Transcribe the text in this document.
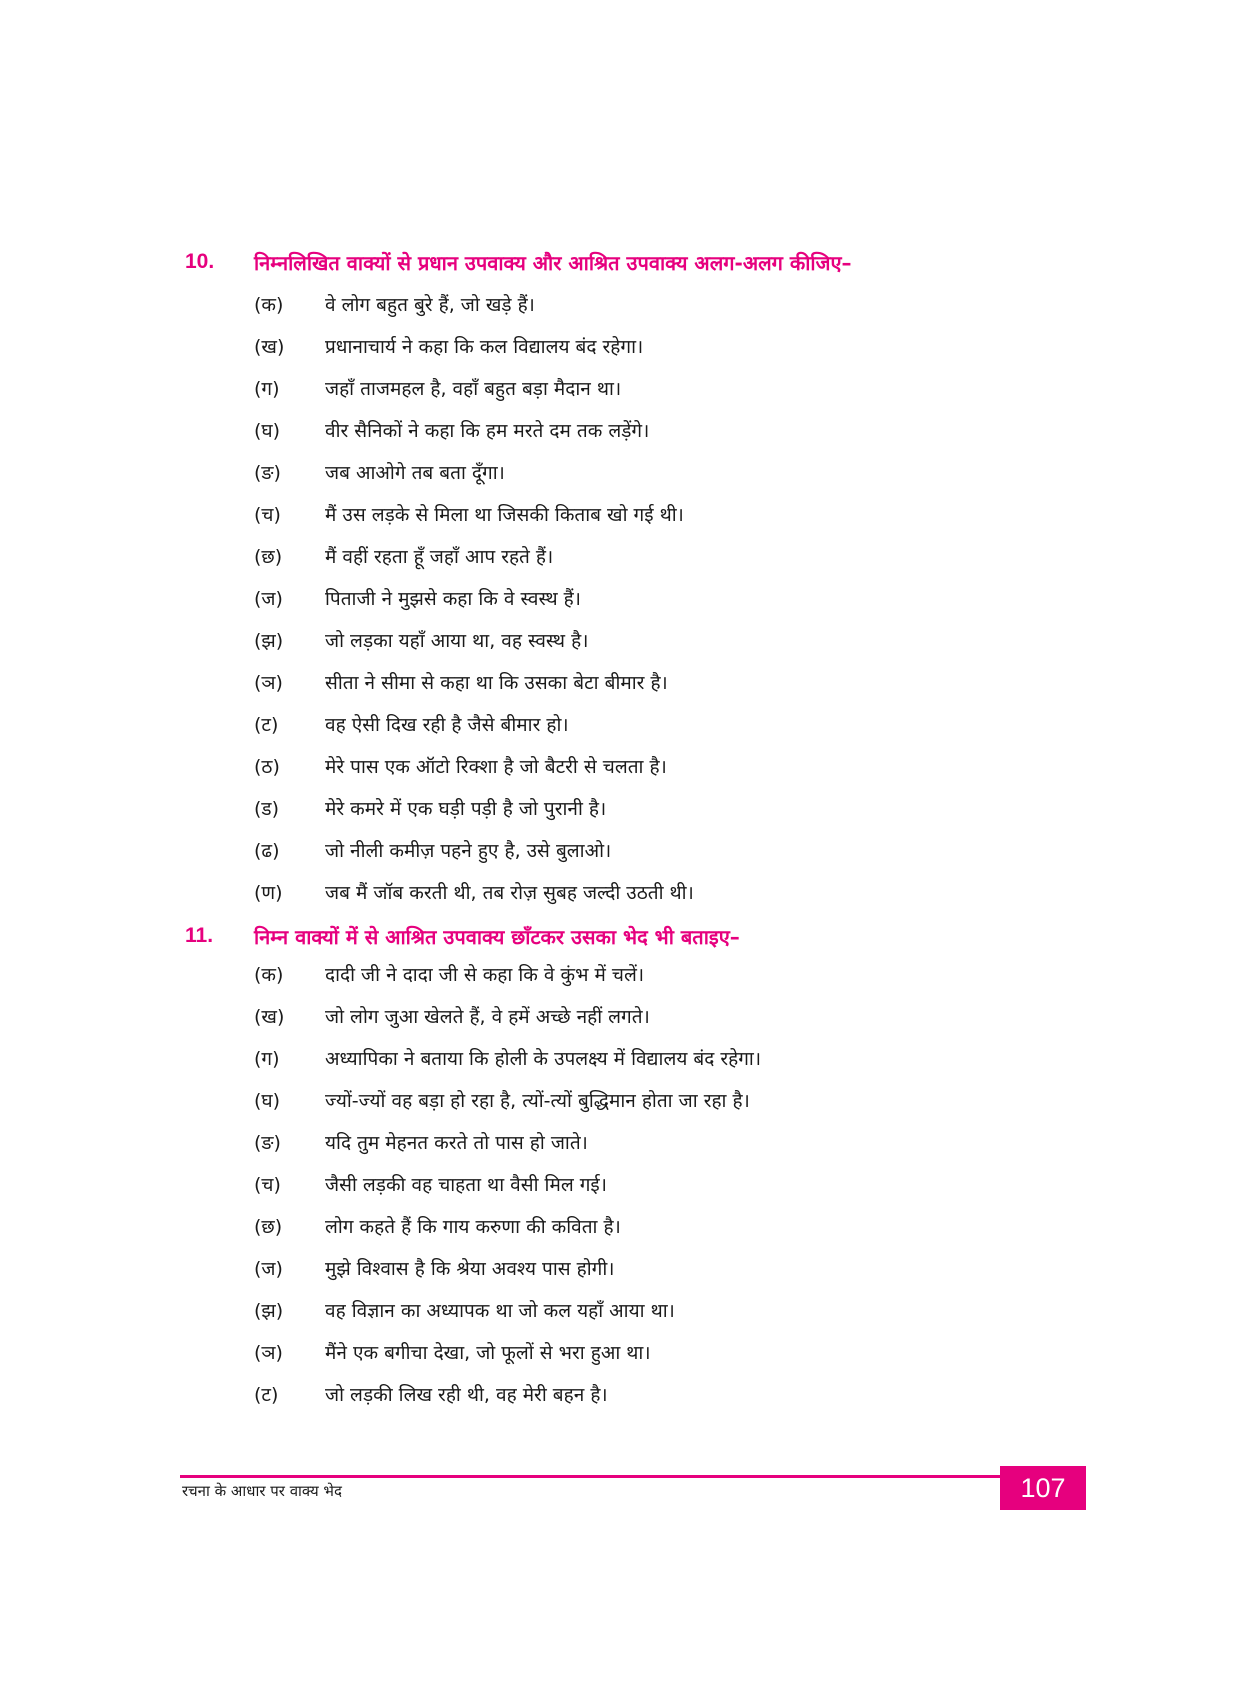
10. निम्नलिखित वाक्यों से प्रधान उपवाक्य और आश्रित उपवाक्य अलग-अलग कीजिए–
(क) वे लोग बहुत बुरे हैं, जो खड़े हैं।
(ख) प्रधानाचार्य ने कहा कि कल विद्यालय बंद रहेगा।
(ग) जहाँ ताजमहल है, वहाँ बहुत बड़ा मैदान था।
(घ) वीर सैनिकों ने कहा कि हम मरते दम तक लड़ेंगे।
(ङ) जब आओगे तब बता दूँगा।
(च) मैं उस लड़के से मिला था जिसकी किताब खो गई थी।
(छ) मैं वहीं रहता हूँ जहाँ आप रहते हैं।
(ज) पिताजी ने मुझसे कहा कि वे स्वस्थ हैं।
(झ) जो लड़का यहाँ आया था, वह स्वस्थ है।
(ञ) सीता ने सीमा से कहा था कि उसका बेटा बीमार है।
(ट) वह ऐसी दिख रही है जैसे बीमार हो।
(ठ) मेरे पास एक ऑटो रिक्शा है जो बैटरी से चलता है।
(ड) मेरे कमरे में एक घड़ी पड़ी है जो पुरानी है।
(ढ) जो नीली कमीज़ पहने हुए है, उसे बुलाओ।
(ण) जब मैं जॉब करती थी, तब रोज़ सुबह जल्दी उठती थी।
11. निम्न वाक्यों में से आश्रित उपवाक्य छाँटकर उसका भेद भी बताइए–
(क) दादी जी ने दादा जी से कहा कि वे कुंभ में चलें।
(ख) जो लोग जुआ खेलते हैं, वे हमें अच्छे नहीं लगते।
(ग) अध्यापिका ने बताया कि होली के उपलक्ष्य में विद्यालय बंद रहेगा।
(घ) ज्यों-ज्यों वह बड़ा हो रहा है, त्यों-त्यों बुद्धिमान होता जा रहा है।
(ङ) यदि तुम मेहनत करते तो पास हो जाते।
(च) जैसी लड़की वह चाहता था वैसी मिल गई।
(छ) लोग कहते हैं कि गाय करुणा की कविता है।
(ज) मुझे विश्वास है कि श्रेया अवश्य पास होगी।
(झ) वह विज्ञान का अध्यापक था जो कल यहाँ आया था।
(ञ) मैंने एक बगीचा देखा, जो फूलों से भरा हुआ था।
(ट) जो लड़की लिख रही थी, वह मेरी बहन है।
रचना के आधार पर वाक्य भेद	107
